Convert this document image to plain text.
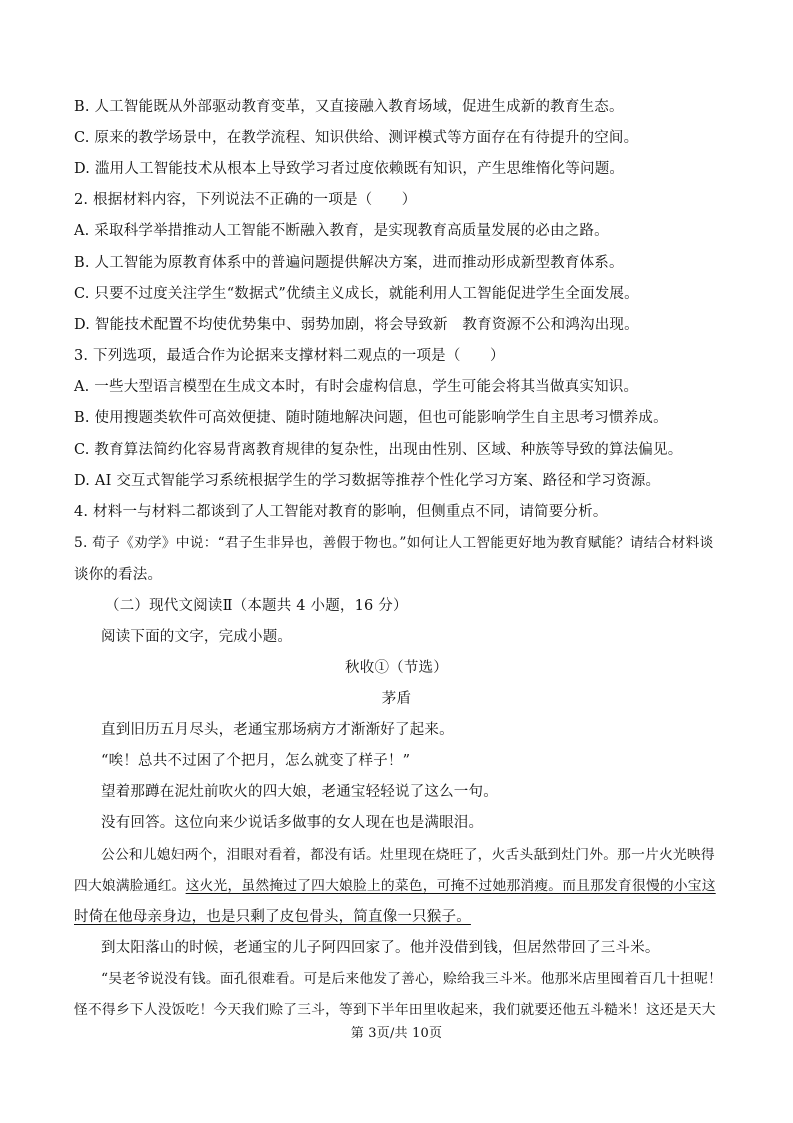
B. 人工智能既从外部驱动教育变革，又直接融入教育场域，促进生成新的教育生态。
C. 原来的教学场景中，在教学流程、知识供给、测评模式等方面存在有待提升的空间。
D. 滥用人工智能技术从根本上导致学习者过度依赖既有知识，产生思维惰化等问题。
2. 根据材料内容，下列说法不正确的一项是（　　）
A. 采取科学举措推动人工智能不断融入教育，是实现教育高质量发展的必由之路。
B. 人工智能为原教育体系中的普遍问题提供解决方案，进而推动形成新型教育体系。
C. 只要不过度关注学生“数据式”优绩主义成长，就能利用人工智能促进学生全面发展。
D. 智能技术配置不均使优势集中、弱势加剧，将会导致新　教育资源不公和鸿沟出现。
3. 下列选项，最适合作为论据来支撑材料二观点的一项是（　　）
A. 一些大型语言模型在生成文本时，有时会虚构信息，学生可能会将其当做真实知识。
B. 使用搜题类软件可高效便捷、随时随地解决问题，但也可能影响学生自主思考习惯养成。
C. 教育算法简约化容易背离教育规律的复杂性，出现由性别、区域、种族等导致的算法偏见。
D. AI 交互式智能学习系统根据学生的学习数据等推荐个性化学习方案、路径和学习资源。
4. 材料一与材料二都谈到了人工智能对教育的影响，但侧重点不同，请简要分析。
5. 荀子《劝学》中说：“君子生非异也，善假于物也。”如何让人工智能更好地为教育赋能？请结合材料谈
谈你的看法。
（二）现代文阅读Ⅱ（本题共 4 小题，16 分）
阅读下面的文字，完成小题。
秋收①（节选）
茅盾
直到旧历五月尽头，老通宝那场病方才渐渐好了起来。
“唉！总共不过困了个把月，怎么就变了样子！”
望着那蹲在泥灶前吹火的四大娘，老通宝轻轻说了这么一句。
没有回答。这位向来少说话多做事的女人现在也是满眼泪。
公公和儿媳妇两个，泪眼对看着，都没有话。灶里现在烧旺了，火舌头舐到灶门外。那一片火光映得
四大娘满脸通红。这火光，虽然掩过了四大娘脸上的菜色，可掩不过她那消瘦。而且那发育很慢的小宝这
时倚在他母亲身边，也是只剩了皮包骨头，简直像一只猴子。
到太阳落山的时候，老通宝的儿子阿四回家了。他并没借到钱，但居然带回了三斗米。
“吴老爷说没有钱。面孔很难看。可是后来他发了善心，赊给我三斗米。他那米店里囤着百几十担呢！
怪不得乡下人没饭吃！今天我们赊了三斗，等到下半年田里收起来，我们就要还他五斗糙米！这还是天大
第 3页/共 10页
